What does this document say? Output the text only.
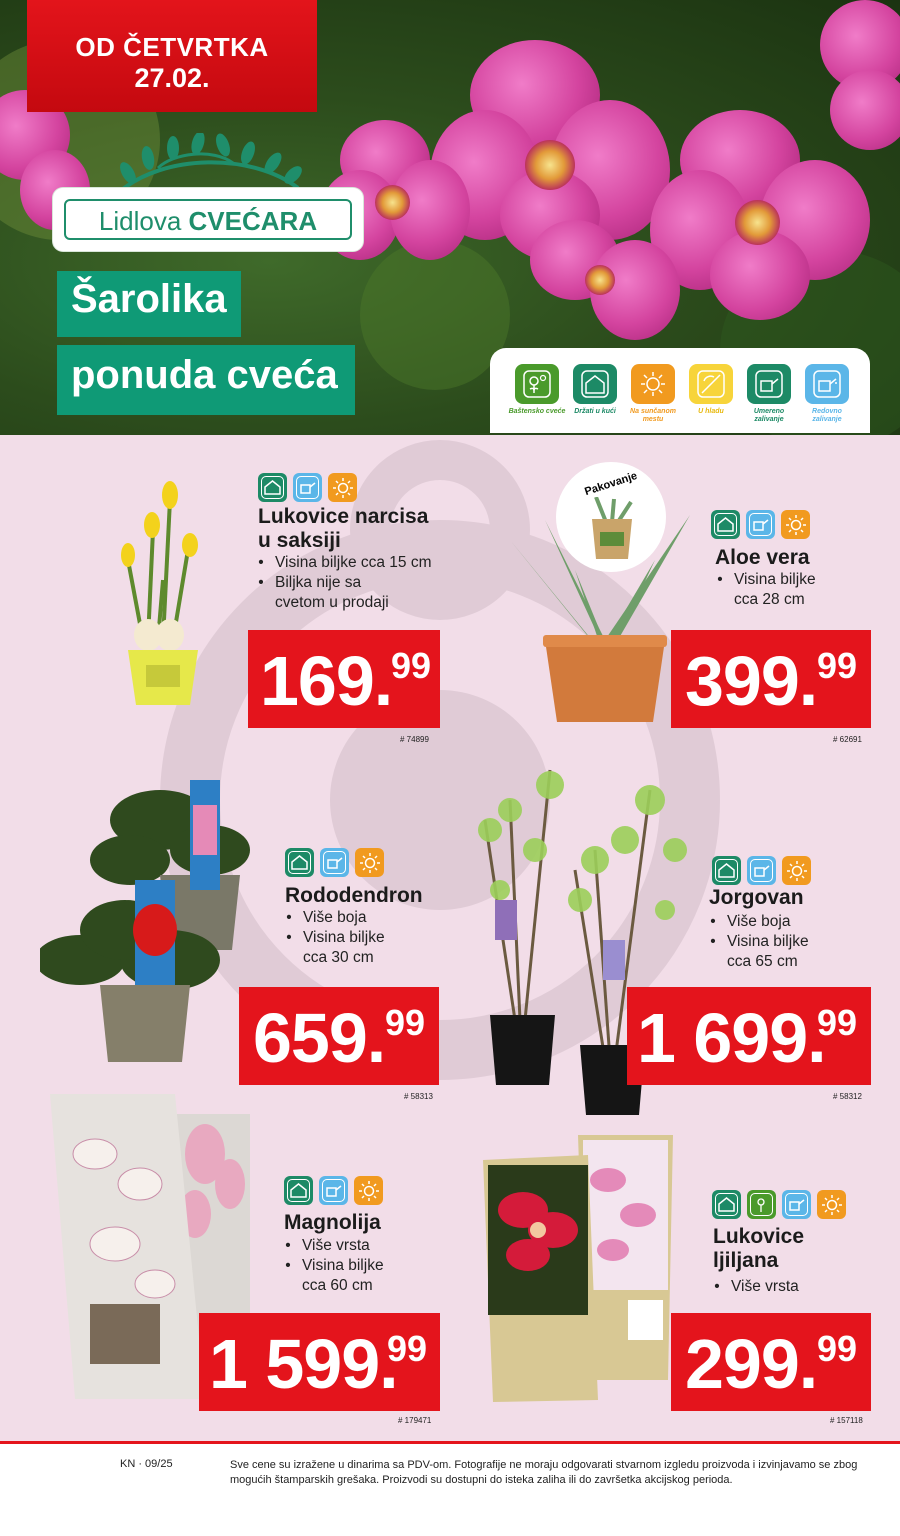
OD ČETVRTKA
27.02.
Lidlova CVEĆARA
Šarolika
ponuda cveća
Baštensko cveće	Držati u kući	Na sunčanom mestu
U hladu	Umereno zalivanje
Redovno zalivanje
Lukovice narcisa
u saksiji
• Visina biljke cca 15 cm
• Biljka nije sa
cvetom u prodaji
169.
99
# 74899
Pakovanje
Aloe vera
• Visina biljke
cca 28 cm
399. 99
# 62691
Rododendron
• Više boja
• Visina biljke
cca 30 cm
659. 99
# 58313
Jorgovan
• Više boja
• Visina biljke
cca 65 cm
1 699.
99
# 58312
Magnolija
• Više vrsta
• Visina biljke
cca 60 cm
1 599.
99
# 179471
Lukovice
ljiljana
• Više vrsta
299. 99
# 157118
KN · 09/25	Sve cene su izražene u dinarima sa PDV-om. Fotografije ne moraju odgovarati stvarnom izgledu proizvoda i izvinjavamo se zbog mogućih štamparskih grešaka. Proizvodi su dostupni do isteka zaliha ili do završetka akcijskog perioda.
